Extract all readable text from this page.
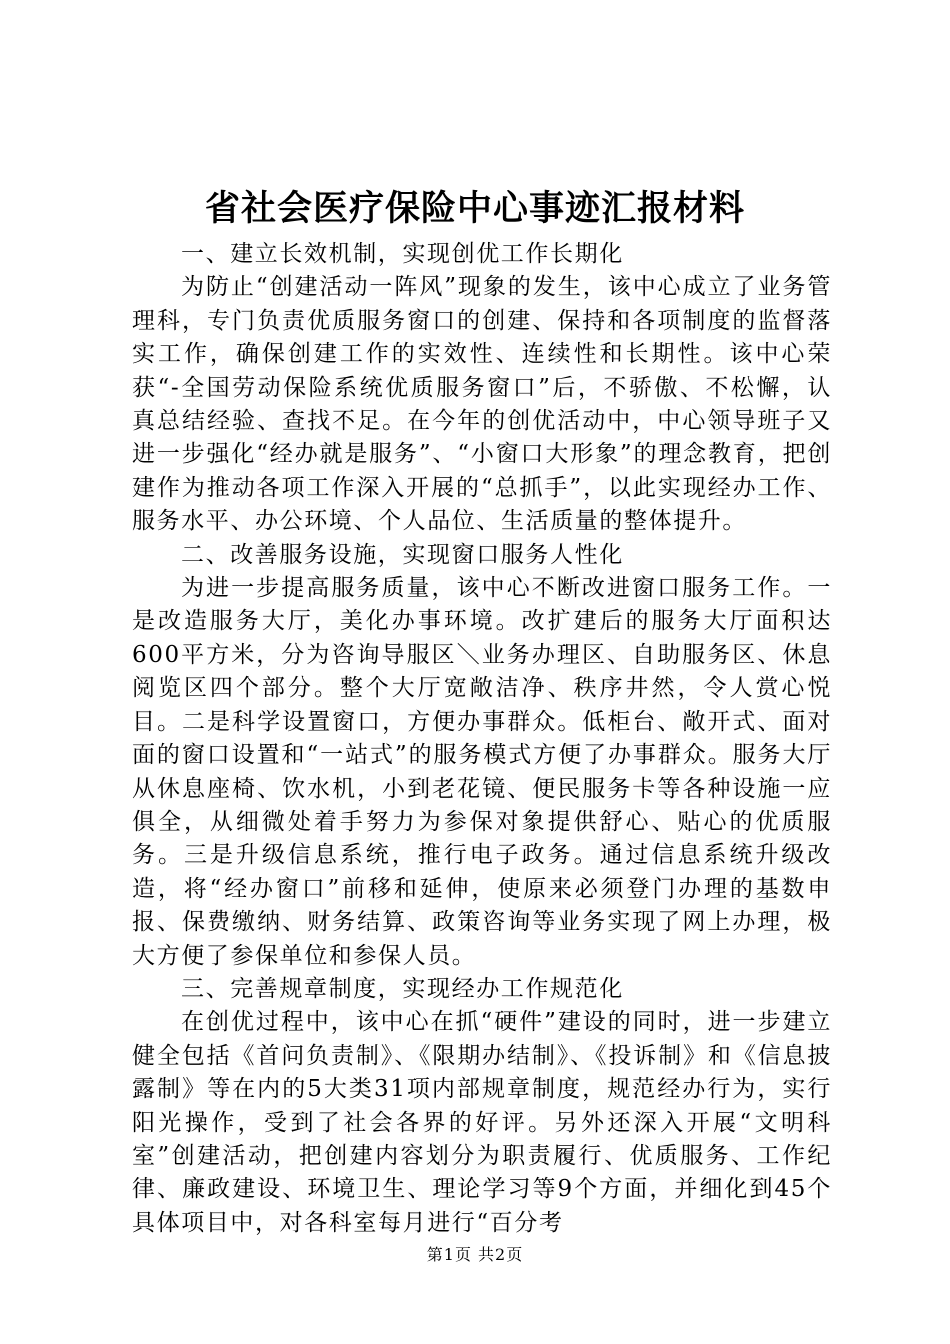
省社会医疗保险中心事迹汇报材料

一、建立长效机制，实现创优工作长期化

为防止“创建活动一阵风”现象的发生，该中心成立了业务管理科，专门负责优质服务窗口的创建、保持和各项制度的监督落实工作，确保创建工作的实效性、连续性和长期性。该中心荣获“-全国劳动保险系统优质服务窗口”后，不骄傲、不松懈，认真总结经验、查找不足。在今年的创优活动中，中心领导班子又进一步强化“经办就是服务”、“小窗口大形象”的理念教育，把创建作为推动各项工作深入开展的“总抓手”，以此实现经办工作、服务水平、办公环境、个人品位、生活质量的整体提升。

二、改善服务设施，实现窗口服务人性化

为进一步提高服务质量，该中心不断改进窗口服务工作。一是改造服务大厅，美化办事环境。改扩建后的服务大厅面积达600平方米，分为咨询导服区＼业务办理区、自助服务区、休息阅览区四个部分。整个大厅宽敞洁净、秩序井然，令人赏心悦目。二是科学设置窗口，方便办事群众。低柜台、敞开式、面对面的窗口设置和“一站式”的服务模式方便了办事群众。服务大厅从休息座椅、饮水机，小到老花镜、便民服务卡等各种设施一应俱全，从细微处着手努力为参保对象提供舒心、贴心的优质服务。三是升级信息系统，推行电子政务。通过信息系统升级改造，将“经办窗口”前移和延伸，使原来必须登门办理的基数申报、保费缴纳、财务结算、政策咨询等业务实现了网上办理，极大方便了参保单位和参保人员。

三、完善规章制度，实现经办工作规范化

在创优过程中，该中心在抓“硬件”建设的同时，进一步建立健全包括《首问负责制》、《限期办结制》、《投诉制》和《信息披露制》等在内的5大类31项内部规章制度，规范经办行为，实行阳光操作，受到了社会各界的好评。另外还深入开展“文明科室”创建活动，把创建内容划分为职责履行、优质服务、工作纪律、廉政建设、环境卫生、理论学习等9个方面，并细化到45个具体项目中，对各科室每月进行“百分考

第1页 共2页
